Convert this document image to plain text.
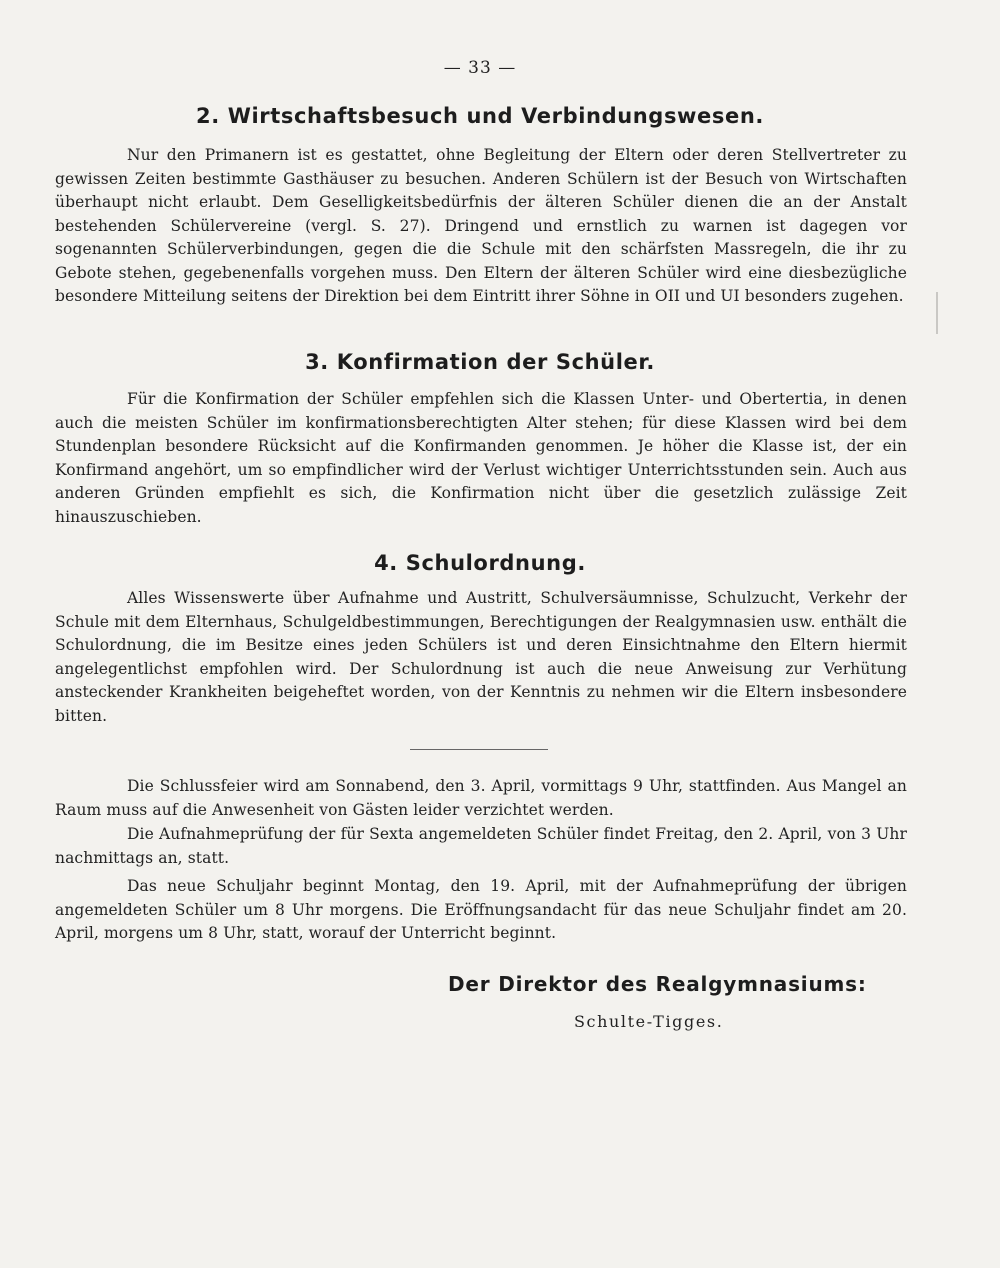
— 33 —
2. Wirtschaftsbesuch und Verbindungswesen.

Nur den Primanern ist es gestattet, ohne Begleitung der Eltern oder deren Stellvertreter zu gewissen Zeiten bestimmte Gasthäuser zu besuchen. Anderen Schülern ist der Besuch von Wirtschaften überhaupt nicht erlaubt. Dem Geselligkeitsbedürfnis der älteren Schüler dienen die an der Anstalt bestehenden Schülervereine (vergl. S. 27). Dringend und ernstlich zu warnen ist dagegen vor sogenannten Schülerverbindungen, gegen die die Schule mit den schärfsten Massregeln, die ihr zu Gebote stehen, gegebenenfalls vorgehen muss. Den Eltern der älteren Schüler wird eine diesbezügliche besondere Mitteilung seitens der Direktion bei dem Eintritt ihrer Söhne in OII und UI besonders zugehen.

3. Konfirmation der Schüler.

Für die Konfirmation der Schüler empfehlen sich die Klassen Unter- und Obertertia, in denen auch die meisten Schüler im konfirmationsberechtigten Alter stehen; für diese Klassen wird bei dem Stundenplan besondere Rücksicht auf die Konfirmanden genommen. Je höher die Klasse ist, der ein Konfirmand angehört, um so empfindlicher wird der Verlust wichtiger Unterrichtsstunden sein. Auch aus anderen Gründen empfiehlt es sich, die Konfirmation nicht über die gesetzlich zulässige Zeit hinauszuschieben.

4. Schulordnung.

Alles Wissenswerte über Aufnahme und Austritt, Schulversäumnisse, Schulzucht, Verkehr der Schule mit dem Elternhaus, Schulgeldbestimmungen, Berechtigungen der Realgymnasien usw. enthält die Schulordnung, die im Besitze eines jeden Schülers ist und deren Einsichtnahme den Eltern hiermit angelegentlichst empfohlen wird. Der Schulordnung ist auch die neue Anweisung zur Verhütung ansteckender Krankheiten beigeheftet worden, von der Kenntnis zu nehmen wir die Eltern insbesondere bitten.

Die Schlussfeier wird am Sonnabend, den 3. April, vormittags 9 Uhr, stattfinden. Aus Mangel an Raum muss auf die Anwesenheit von Gästen leider verzichtet werden.

Die Aufnahmeprüfung der für Sexta angemeldeten Schüler findet Freitag, den 2. April, von 3 Uhr nachmittags an, statt.

Das neue Schuljahr beginnt Montag, den 19. April, mit der Aufnahmeprüfung der übrigen angemeldeten Schüler um 8 Uhr morgens. Die Eröffnungsandacht für das neue Schuljahr findet am 20. April, morgens um 8 Uhr, statt, worauf der Unterricht beginnt.

Der Direktor des Realgymnasiums:
Schulte-Tigges.
